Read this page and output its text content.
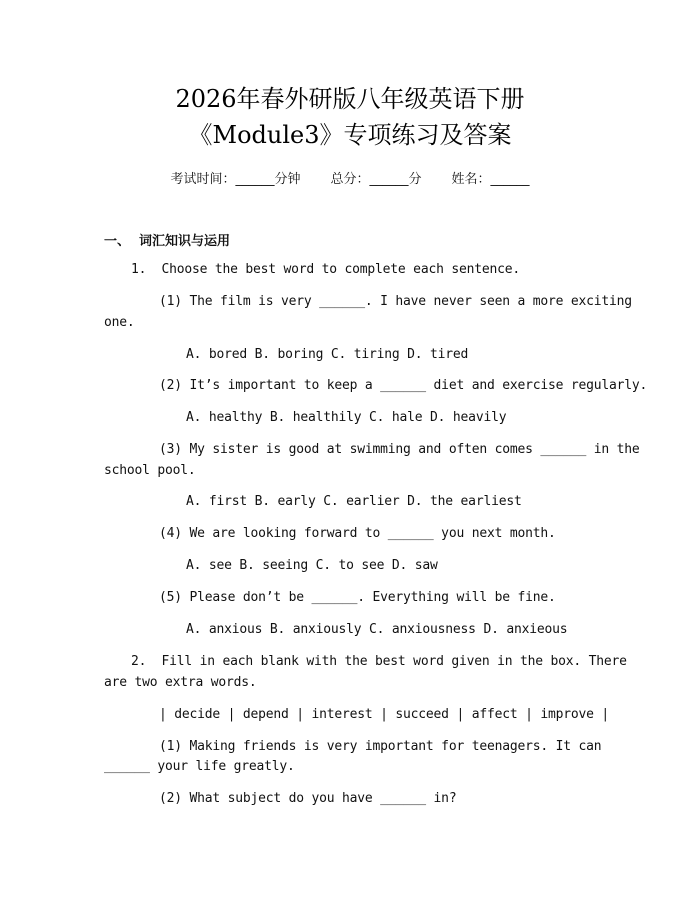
2026年春外研版八年级英语下册
《Module3》专项练习及答案
考试时间：______分钟 总分：______分 姓名：______
一、  词汇知识与运用
1.  Choose the best word to complete each sentence.
(1) The film is very ______. I have never seen a more exciting
one.
A. bored B. boring C. tiring D. tired
(2) It’s important to keep a ______ diet and exercise regularly.
A. healthy B. healthily C. hale D. heavily
(3) My sister is good at swimming and often comes ______ in the
school pool.
A. first B. early C. earlier D. the earliest
(4) We are looking forward to ______ you next month.
A. see B. seeing C. to see D. saw
(5) Please don’t be ______. Everything will be fine.
A. anxious B. anxiously C. anxiousness D. anxieous
2.  Fill in each blank with the best word given in the box. There
are two extra words.
| decide | depend | interest | succeed | affect | improve |
(1) Making friends is very important for teenagers. It can
______ your life greatly.
(2) What subject do you have ______ in?
